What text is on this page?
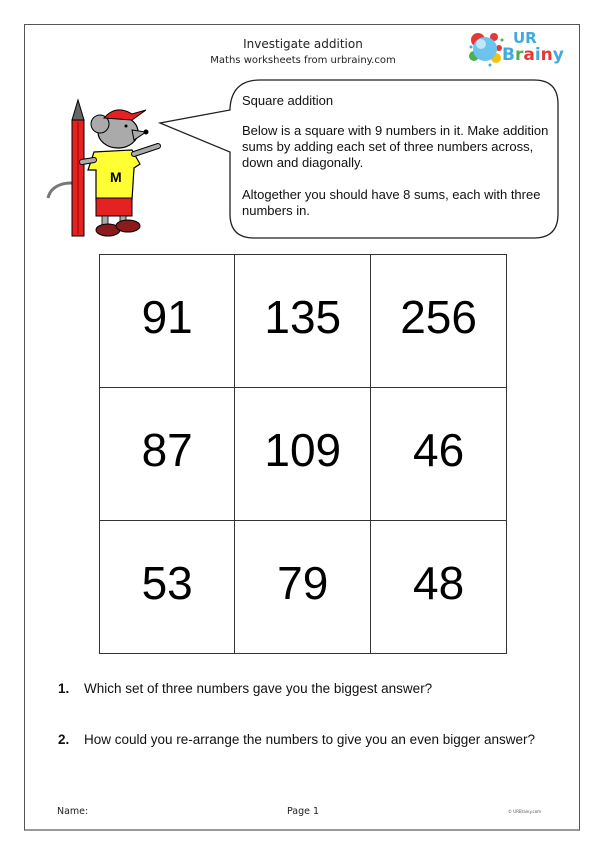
Investigate addition
Maths worksheets from urbrainy.com
UR
Brainy
M

Square addition

Below is a square with 9 numbers in it. Make addition sums by adding each set of three numbers across, down and diagonally.

Altogether you should have 8 sums, each with three numbers in.

91	135	256
87	109	46
53	79	48
1. Which set of three numbers gave you the biggest answer?
2. How could you re-arrange the numbers to give you an even bigger answer?
Name:	Page 1	© URBrainy.com
